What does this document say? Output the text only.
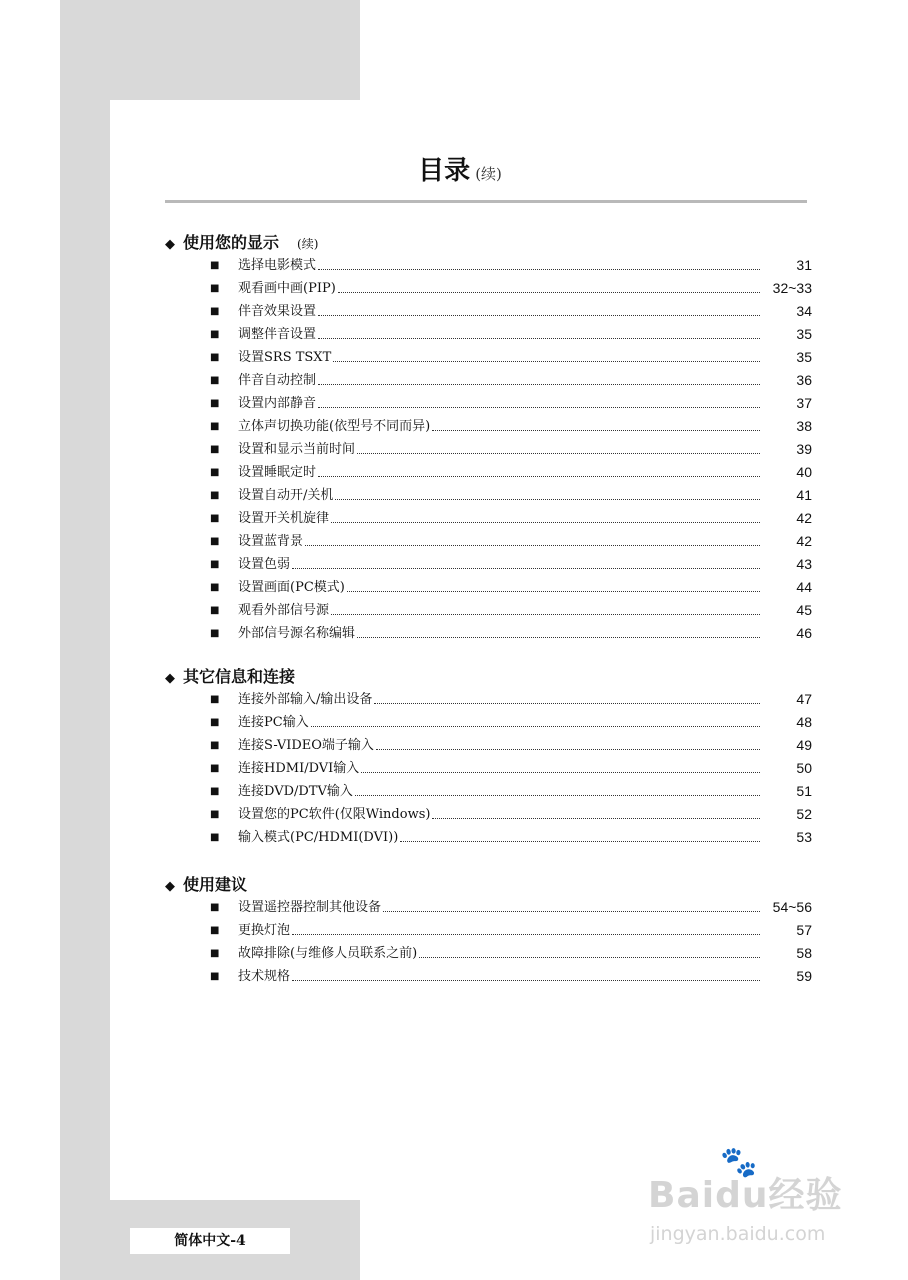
目录 (续)
◆ 使用您的显示 (续)
■	选择电影模式	31
■	观看画中画(PIP)	32~33
■	伴音效果设置	34
■	调整伴音设置	35
■	设置SRS TSXT	35
■	伴音自动控制	36
■	设置内部静音	37
■	立体声切换功能(依型号不同而异)	38
■	设置和显示当前时间	39
■	设置睡眠定时	40
■	设置自动开/关机	41
■	设置开关机旋律	42
■	设置蓝背景	42
■	设置色弱	43
■	设置画面(PC模式)	44
■	观看外部信号源	45
■	外部信号源名称编辑	46
◆ 其它信息和连接
■	连接外部输入/输出设备	47
■	连接PC输入	48
■	连接S-VIDEO端子输入	49
■	连接HDMI/DVI输入	50
■	连接DVD/DTV输入	51
■	设置您的PC软件(仅限Windows)	52
■	输入模式(PC/HDMI(DVI))	53
◆ 使用建议
■	设置遥控器控制其他设备	54~56
■	更换灯泡	57
■	故障排除(与维修人员联系之前)	58
■	技术规格	59
简体中文-4
🐾
Baidu经验
jingyan.baidu.com
